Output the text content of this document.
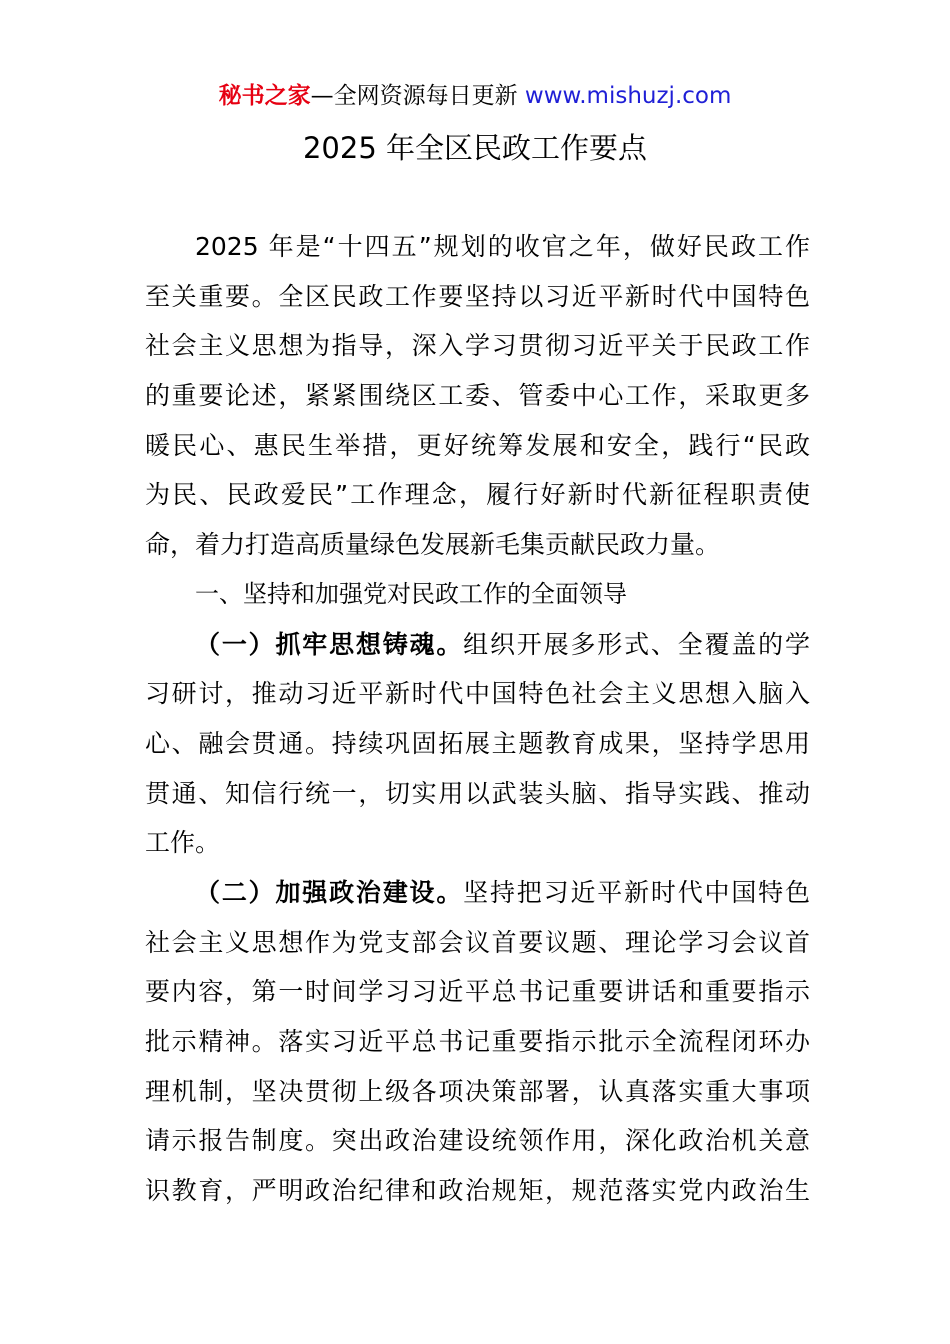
秘书之家—全网资源每日更新 www.mishuzj.com
2025 年全区民政工作要点
2025 年是“十四五”规划的收官之年，做好民政工作
至关重要。全区民政工作要坚持以习近平新时代中国特色
社会主义思想为指导，深入学习贯彻习近平关于民政工作
的重要论述，紧紧围绕区工委、管委中心工作，采取更多
暖民心、惠民生举措，更好统筹发展和安全，践行“民政
为民、民政爱民”工作理念，履行好新时代新征程职责使
命，着力打造高质量绿色发展新毛集贡献民政力量。
一、坚持和加强党对民政工作的全面领导
（一）抓牢思想铸魂。组织开展多形式、全覆盖的学
习研讨，推动习近平新时代中国特色社会主义思想入脑入
心、融会贯通。持续巩固拓展主题教育成果，坚持学思用
贯通、知信行统一，切实用以武装头脑、指导实践、推动
工作。
（二）加强政治建设。坚持把习近平新时代中国特色
社会主义思想作为党支部会议首要议题、理论学习会议首
要内容，第一时间学习习近平总书记重要讲话和重要指示
批示精神。落实习近平总书记重要指示批示全流程闭环办
理机制，坚决贯彻上级各项决策部署，认真落实重大事项
请示报告制度。突出政治建设统领作用，深化政治机关意
识教育，严明政治纪律和政治规矩，规范落实党内政治生
